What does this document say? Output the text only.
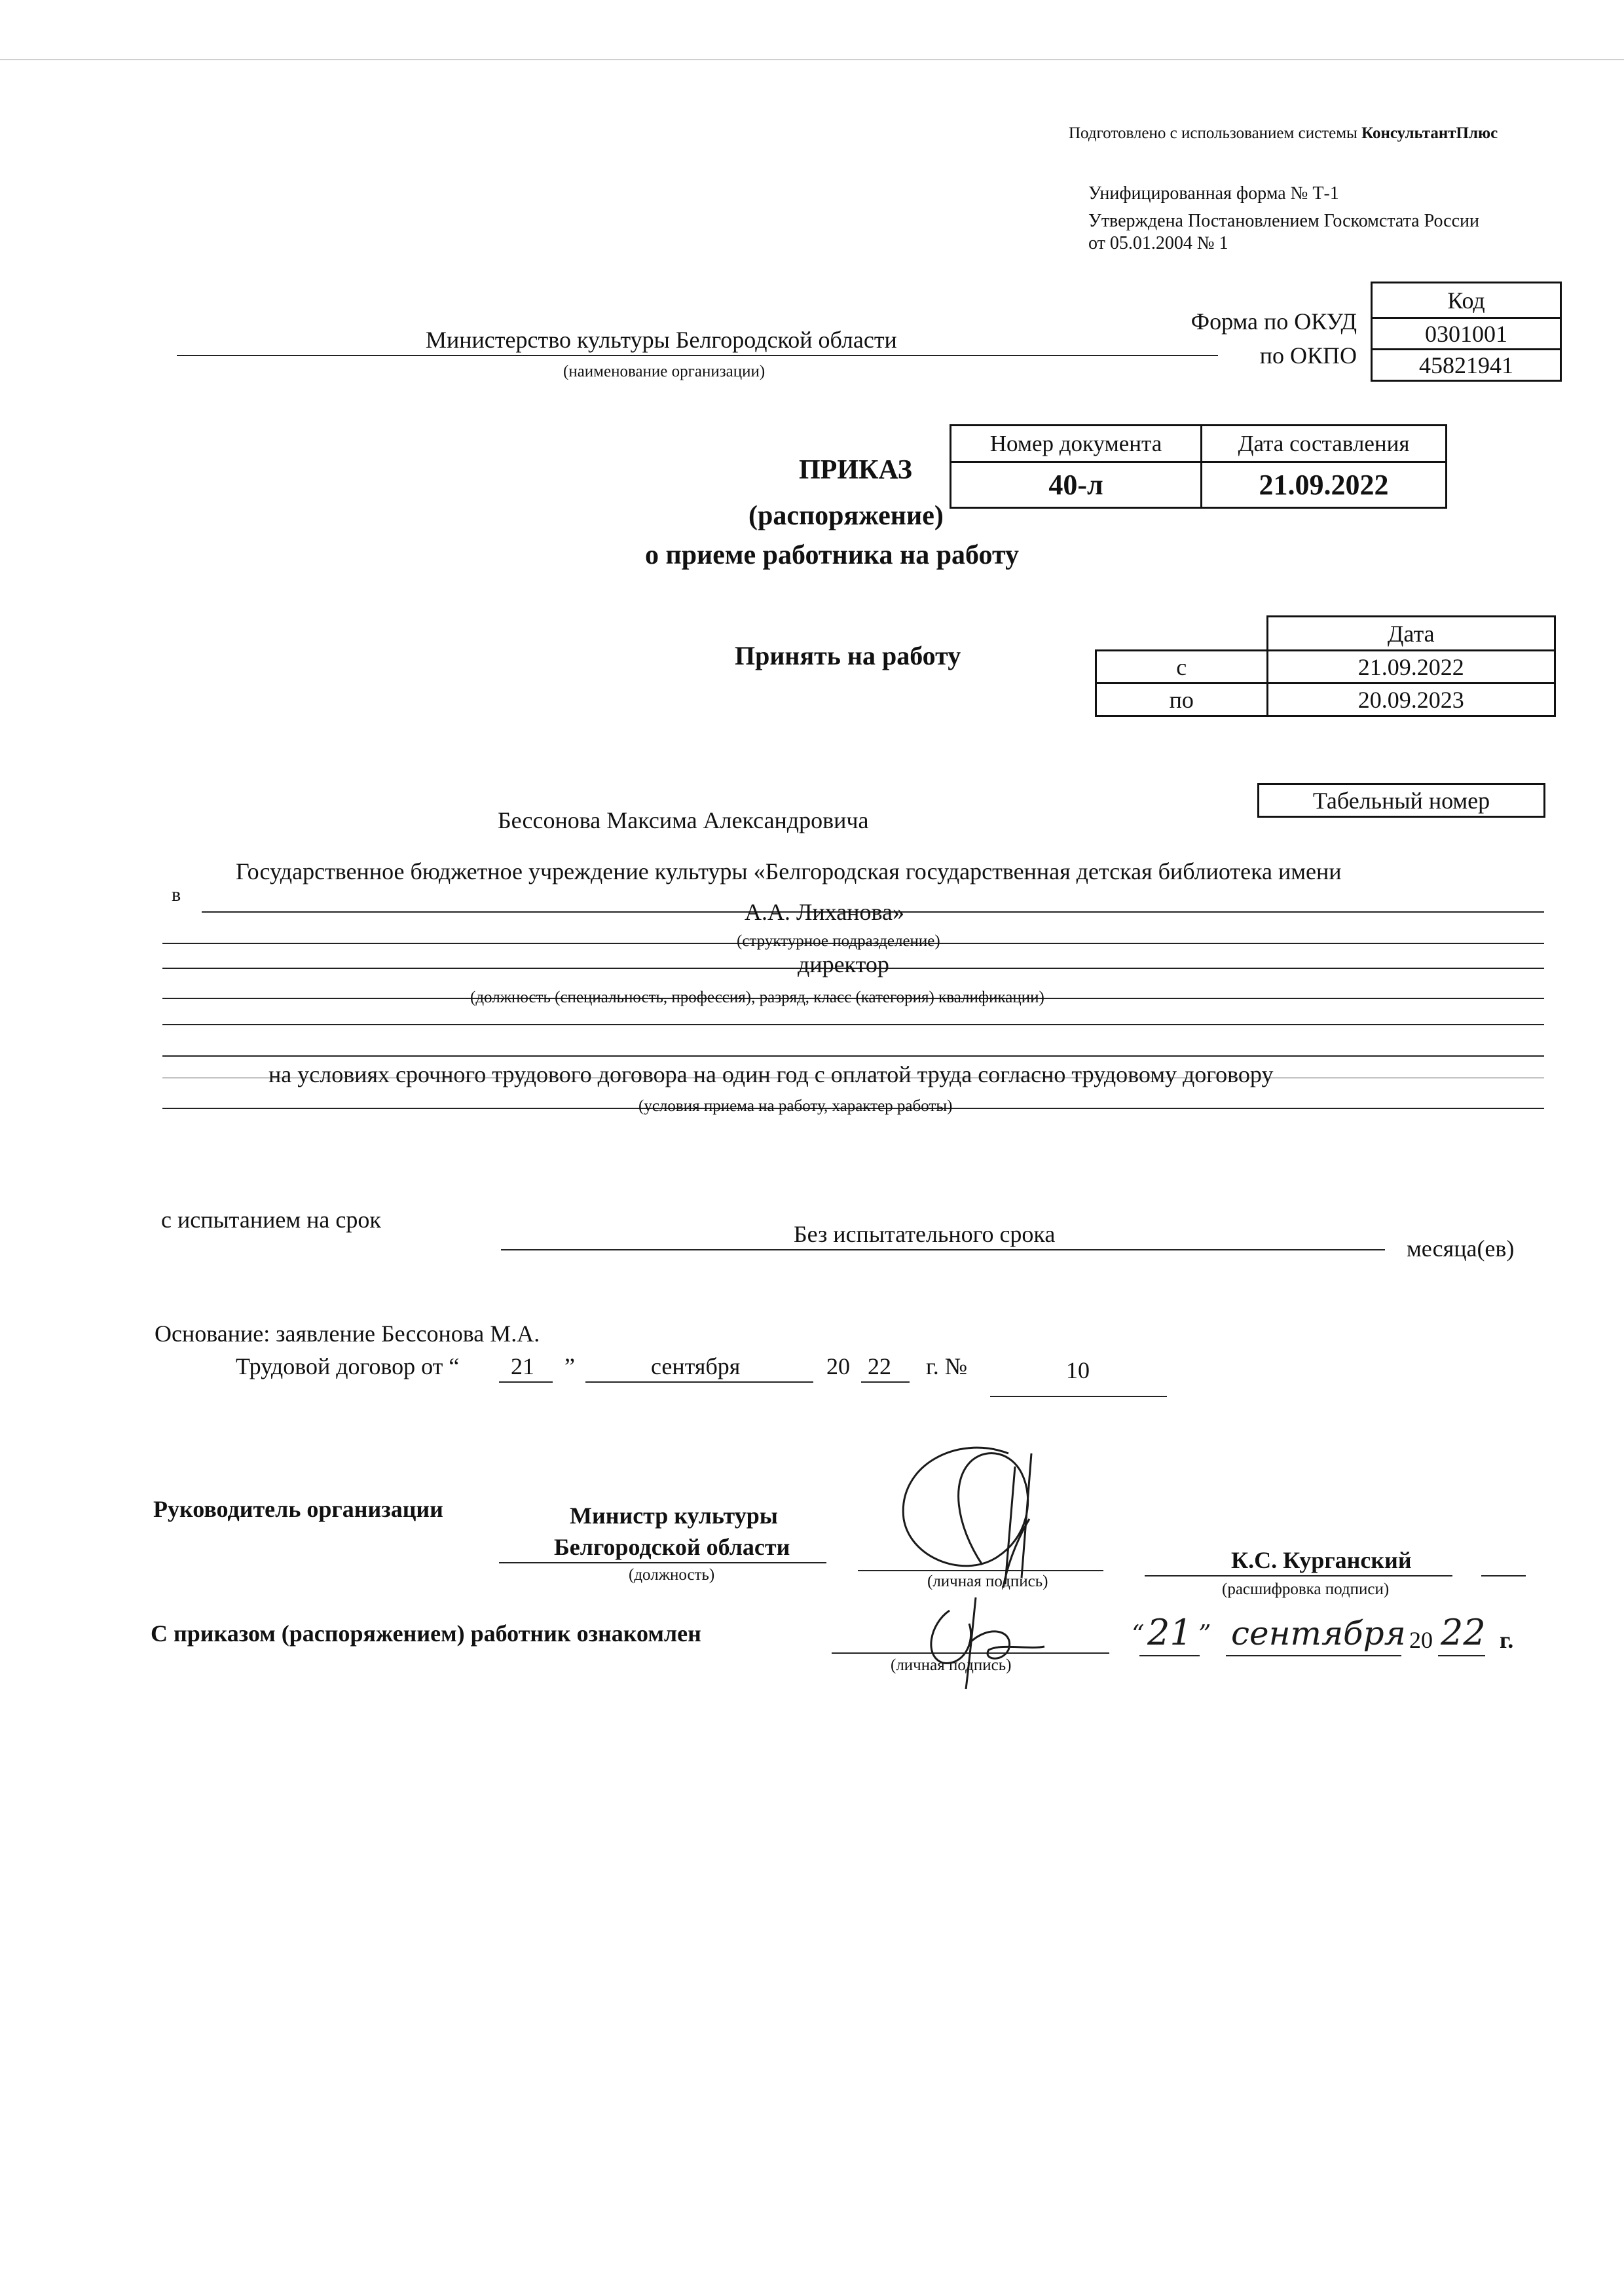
Подготовлено с использованием системы КонсультантПлюс
Унифицированная форма № Т-1
Утверждена Постановлением Госкомстата России
от 05.01.2004 № 1
Код
0301001
45821941
Форма по ОКУД
по ОКПО
Министерство культуры Белгородской области
(наименование организации)
Номер документа	Дата составления
40-л	21.09.2022
ПРИКАЗ
(распоряжение)
о приеме работника на работу
Принять на работу
	Дата
с	21.09.2022
по	20.09.2023
Бессонова Максима Александровича
Табельный номер
в
Государственное бюджетное учреждение культуры «Белгородская государственная детская библиотека имени
А.А. Лиханова»
(структурное подразделение)
директор
(должность (специальность, профессия), разряд, класс (категория) квалификации)
на условиях срочного трудового договора на один год с оплатой труда согласно трудовому договору
(условия приема на работу, характер работы)
с испытанием на срок
Без испытательного срока
месяца(ев)
Основание: заявление Бессонова М.А.
Трудовой договор от “ 21 ”	сентября	20 22 г. №	10
Руководитель организации	Министр культуры
Белгородской области
(должность)	(личная подпись)
К.С. Курганский
(расшифровка подписи)
С приказом (распоряжением) работник ознакомлен
(личная подпись)
“ 21 ” сентября 20 22 г.
